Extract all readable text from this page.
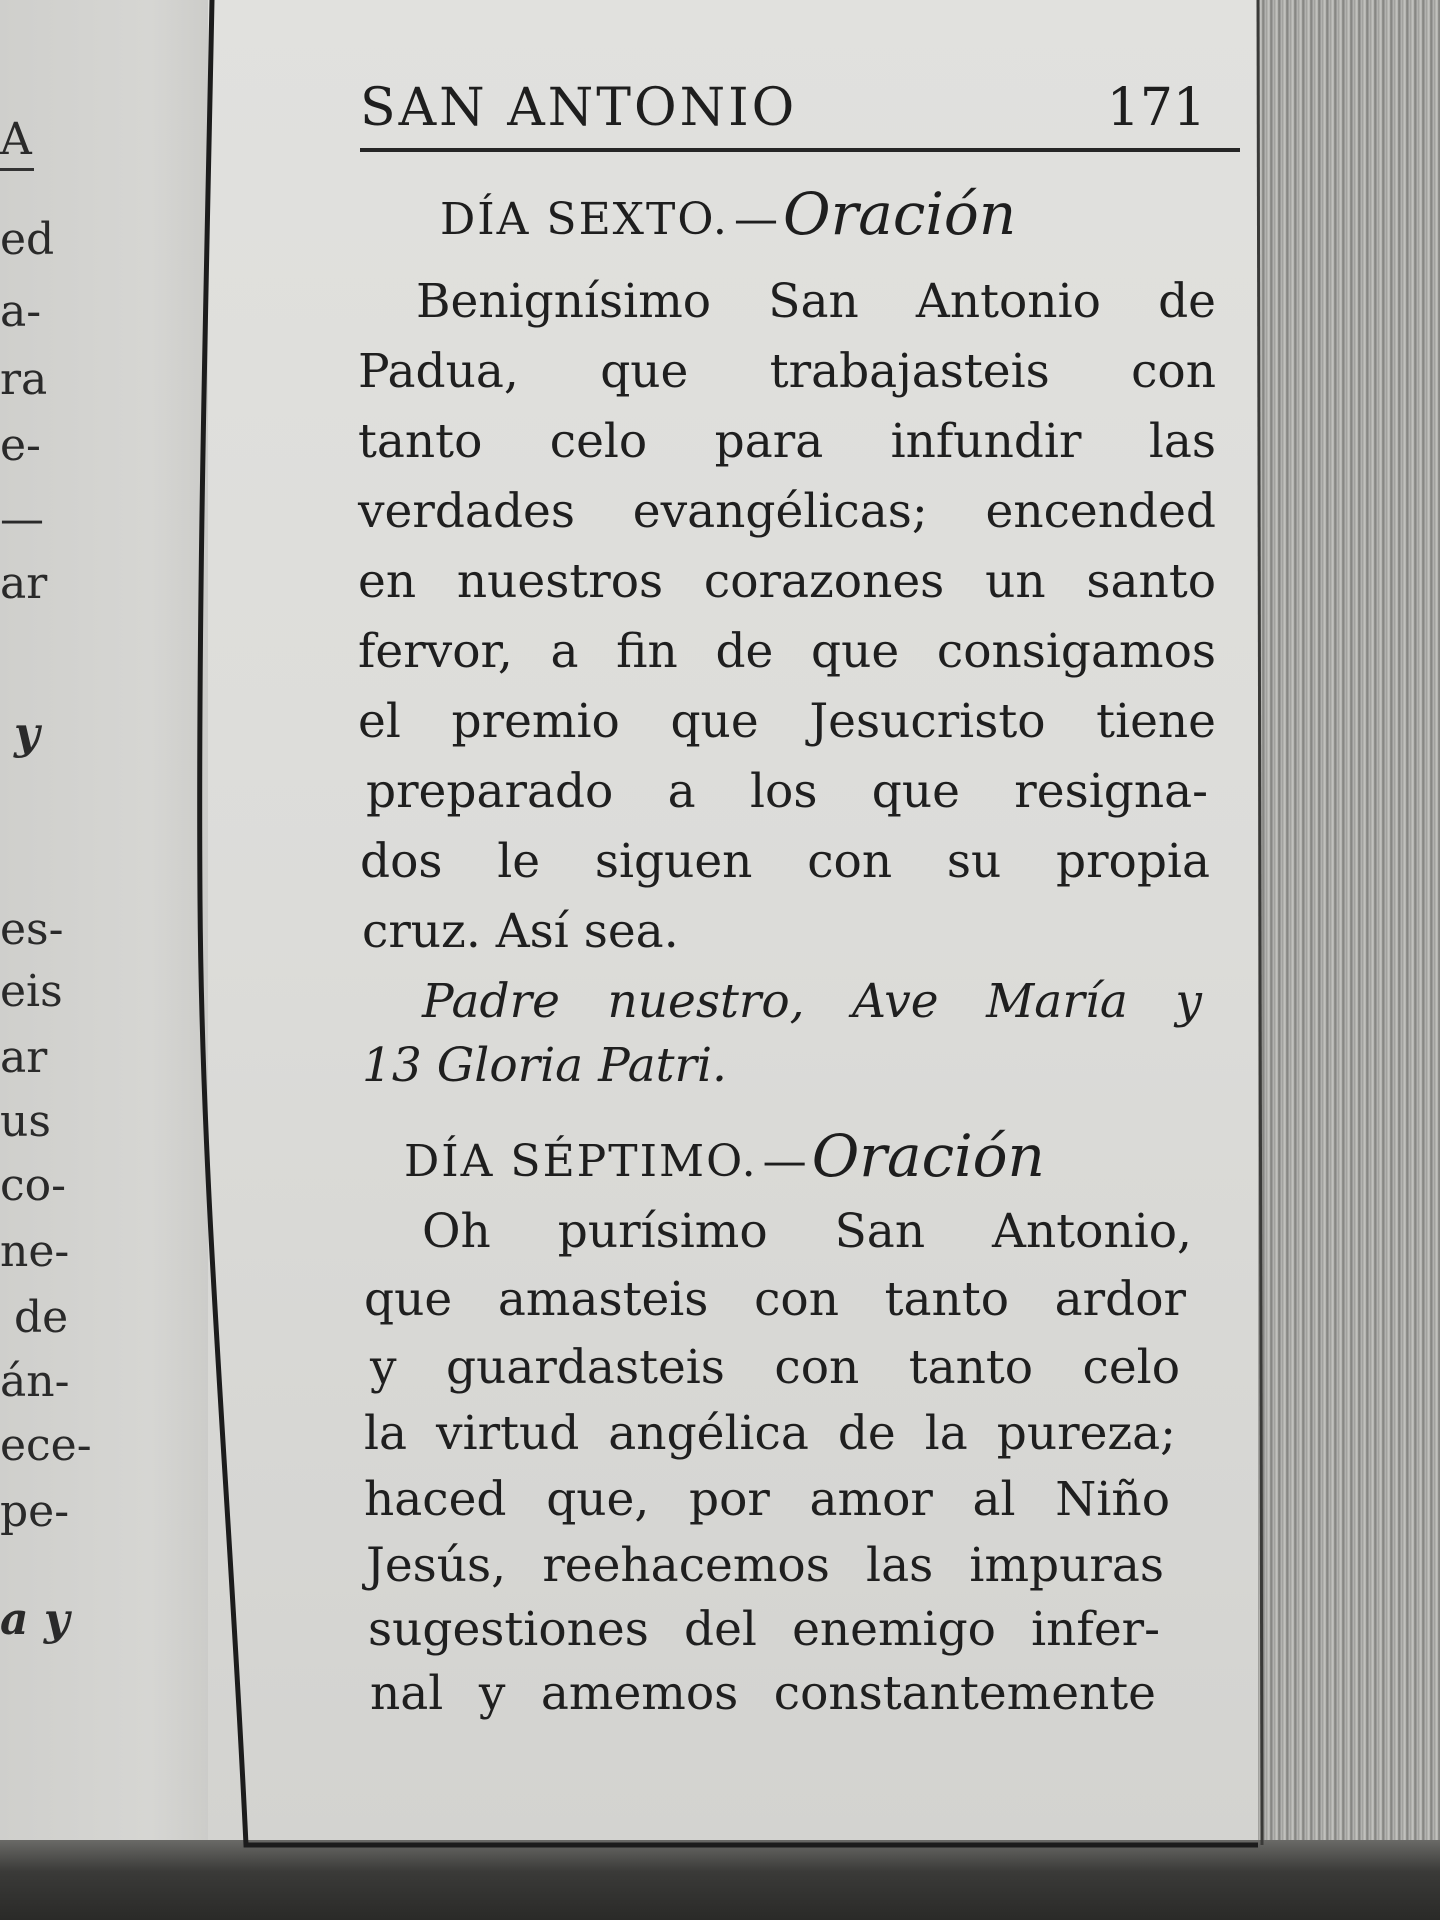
A
ed
a-
ra
e-
—
ar
y
es-
eis
ar
us
co-
ne-
de
án-
ece-
pe-
a y
SAN ANTONIO	171
DÍA SEXTO. — Oración
Benignísimo San Antonio de
Padua, que trabajasteis con
tanto celo para infundir las
verdades evangélicas; encended
en nuestros corazones un santo
fervor, a fin de que consigamos
el premio que Jesucristo tiene
preparado a los que resigna-
dos le siguen con su propia
cruz. Así sea.
Padre nuestro, Ave María y
13 Gloria Patri.
DÍA SÉPTIMO. — Oración
Oh purísimo San Antonio,
que amasteis con tanto ardor
y guardasteis con tanto celo
la virtud angélica de la pureza;
haced que, por amor al Niño
Jesús, reehacemos las impuras
sugestiones del enemigo infer-
nal y amemos constantemente
